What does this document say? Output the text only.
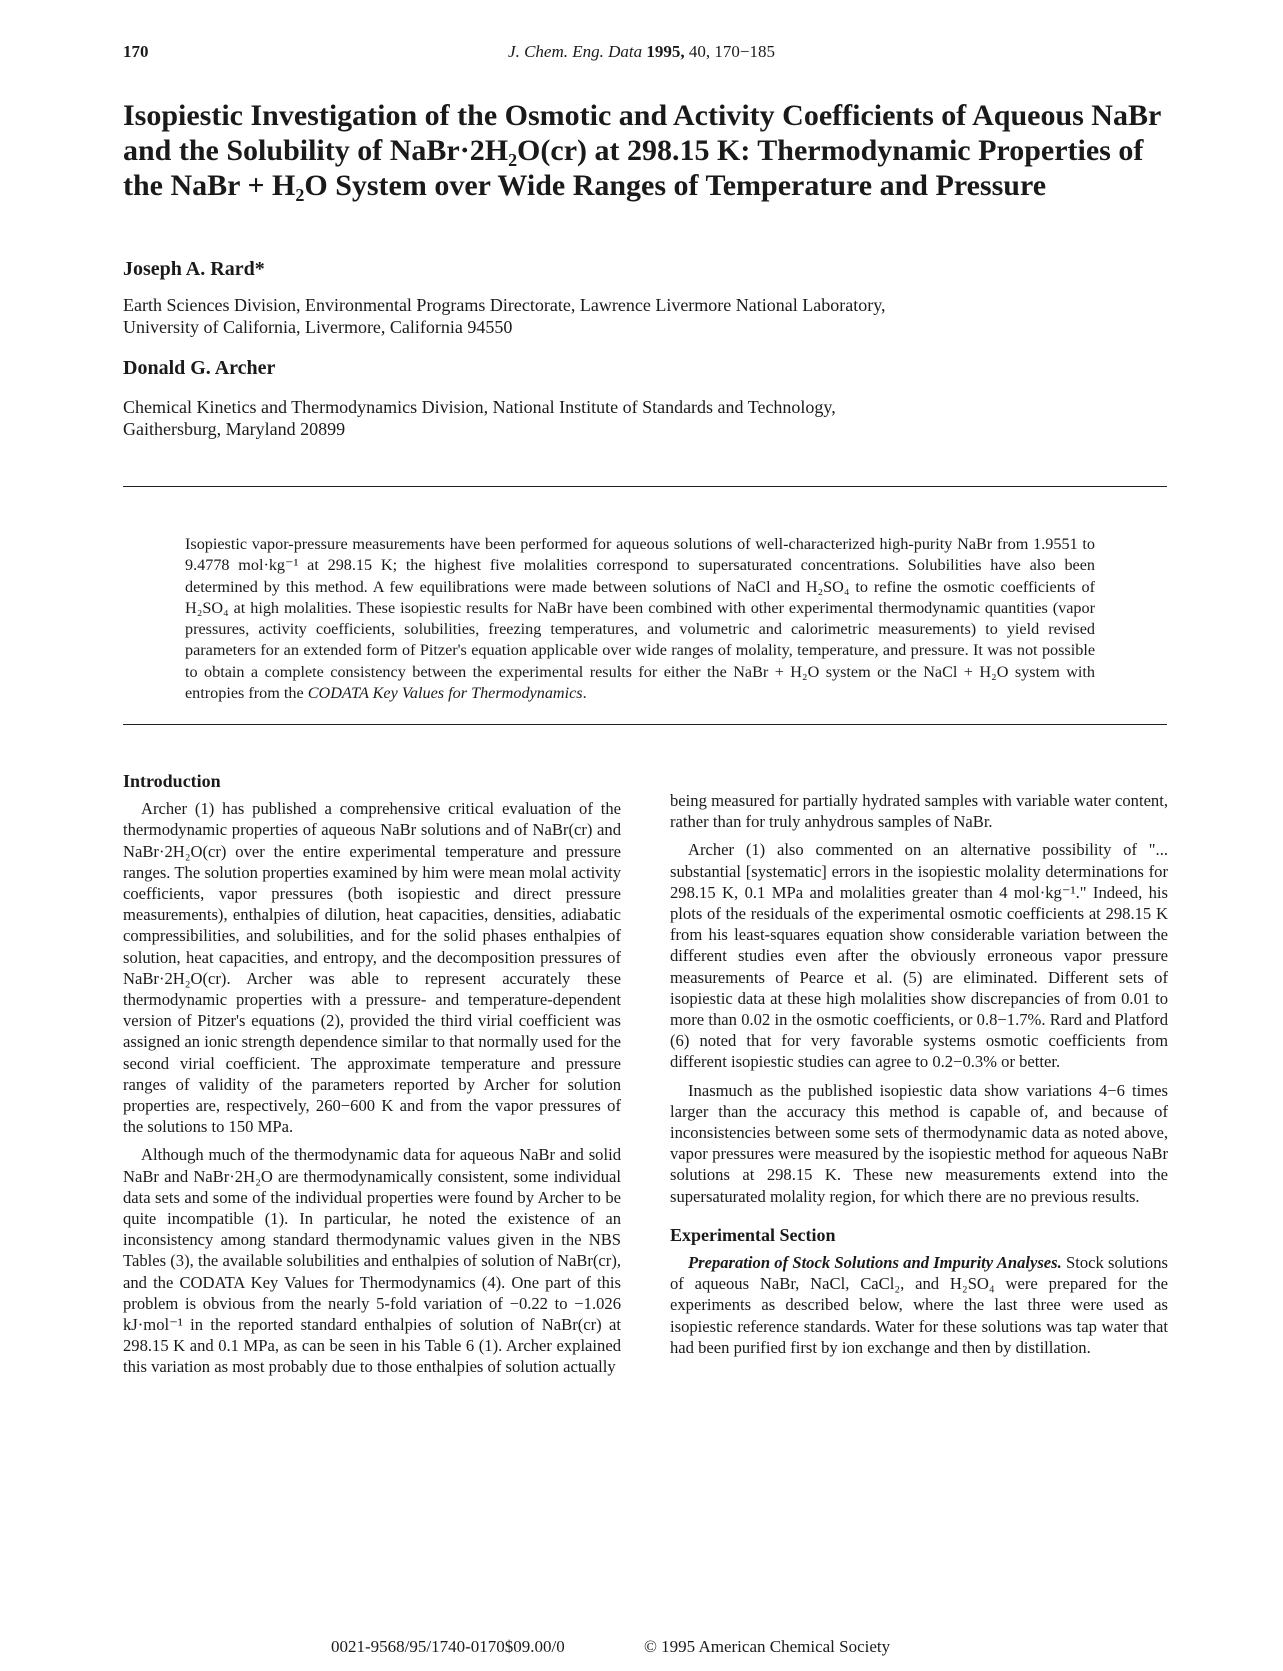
170	J. Chem. Eng. Data 1995, 40, 170−185
Isopiestic Investigation of the Osmotic and Activity Coefficients of Aqueous NaBr and the Solubility of NaBr·2H₂O(cr) at 298.15 K: Thermodynamic Properties of the NaBr + H₂O System over Wide Ranges of Temperature and Pressure
Joseph A. Rard*
Earth Sciences Division, Environmental Programs Directorate, Lawrence Livermore National Laboratory,
University of California, Livermore, California 94550
Donald G. Archer
Chemical Kinetics and Thermodynamics Division, National Institute of Standards and Technology,
Gaithersburg, Maryland 20899
Isopiestic vapor-pressure measurements have been performed for aqueous solutions of well-characterized high-purity NaBr from 1.9551 to 9.4778 mol·kg⁻¹ at 298.15 K; the highest five molalities correspond to supersaturated concentrations. Solubilities have also been determined by this method. A few equilibrations were made between solutions of NaCl and H₂SO₄ to refine the osmotic coefficients of H₂SO₄ at high molalities. These isopiestic results for NaBr have been combined with other experimental thermodynamic quantities (vapor pressures, activity coefficients, solubilities, freezing temperatures, and volumetric and calorimetric measurements) to yield revised parameters for an extended form of Pitzer's equation applicable over wide ranges of molality, temperature, and pressure. It was not possible to obtain a complete consistency between the experimental results for either the NaBr + H₂O system or the NaCl + H₂O system with entropies from the CODATA Key Values for Thermodynamics.
Introduction

Archer (1) has published a comprehensive critical evaluation of the thermodynamic properties of aqueous NaBr solutions and of NaBr(cr) and NaBr·2H₂O(cr) over the entire experimental temperature and pressure ranges. The solution properties examined by him were mean molal activity coefficients, vapor pressures (both isopiestic and direct pressure measurements), enthalpies of dilution, heat capacities, densities, adiabatic compressibilities, and solubilities, and for the solid phases enthalpies of solution, heat capacities, and entropy, and the decomposition pressures of NaBr·2H₂O(cr). Archer was able to represent accurately these thermodynamic properties with a pressure- and temperature-dependent version of Pitzer's equations (2), provided the third virial coefficient was assigned an ionic strength dependence similar to that normally used for the second virial coefficient. The approximate temperature and pressure ranges of validity of the parameters reported by Archer for solution properties are, respectively, 260−600 K and from the vapor pressures of the solutions to 150 MPa.

Although much of the thermodynamic data for aqueous NaBr and solid NaBr and NaBr·2H₂O are thermodynamically consistent, some individual data sets and some of the individual properties were found by Archer to be quite incompatible (1). In particular, he noted the existence of an inconsistency among standard thermodynamic values given in the NBS Tables (3), the available solubilities and enthalpies of solution of NaBr(cr), and the CODATA Key Values for Thermodynamics (4). One part of this problem is obvious from the nearly 5-fold variation of −0.22 to −1.026 kJ·mol⁻¹ in the reported standard enthalpies of solution of NaBr(cr) at 298.15 K and 0.1 MPa, as can be seen in his Table 6 (1). Archer explained this variation as most probably due to those enthalpies of solution actually

being measured for partially hydrated samples with variable water content, rather than for truly anhydrous samples of NaBr.

Archer (1) also commented on an alternative possibility of "... substantial [systematic] errors in the isopiestic molality determinations for 298.15 K, 0.1 MPa and molalities greater than 4 mol·kg⁻¹." Indeed, his plots of the residuals of the experimental osmotic coefficients at 298.15 K from his least-squares equation show considerable variation between the different studies even after the obviously erroneous vapor pressure measurements of Pearce et al. (5) are eliminated. Different sets of isopiestic data at these high molalities show discrepancies of from 0.01 to more than 0.02 in the osmotic coefficients, or 0.8−1.7%. Rard and Platford (6) noted that for very favorable systems osmotic coefficients from different isopiestic studies can agree to 0.2−0.3% or better.

Inasmuch as the published isopiestic data show variations 4−6 times larger than the accuracy this method is capable of, and because of inconsistencies between some sets of thermodynamic data as noted above, vapor pressures were measured by the isopiestic method for aqueous NaBr solutions at 298.15 K. These new measurements extend into the supersaturated molality region, for which there are no previous results.

Experimental Section

Preparation of Stock Solutions and Impurity Analyses. Stock solutions of aqueous NaBr, NaCl, CaCl₂, and H₂SO₄ were prepared for the experiments as described below, where the last three were used as isopiestic reference standards. Water for these solutions was tap water that had been purified first by ion exchange and then by distillation.

0021-9568/95/1740-0170$09.00/0	© 1995 American Chemical Society
